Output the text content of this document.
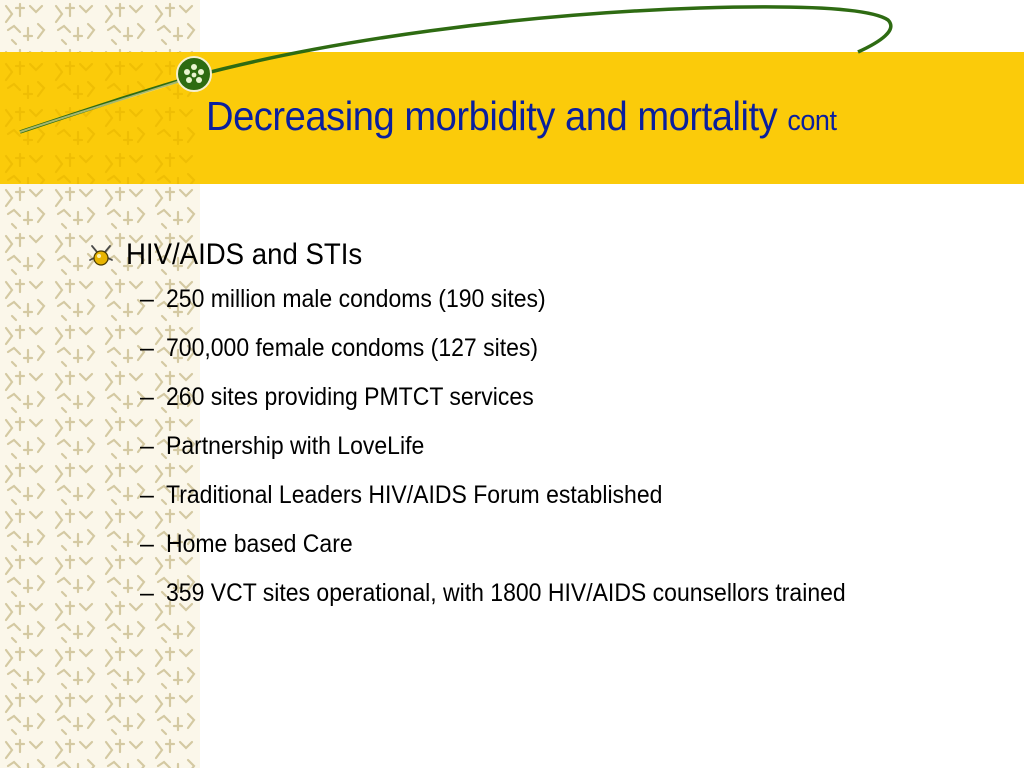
Decreasing morbidity and mortality cont
HIV/AIDS and STIs
– 250 million male condoms (190 sites)
– 700,000 female condoms (127 sites)
– 260 sites providing PMTCT services
– Partnership with LoveLife
– Traditional Leaders HIV/AIDS Forum established
– Home based Care
– 359 VCT sites operational, with 1800 HIV/AIDS counsellors trained
